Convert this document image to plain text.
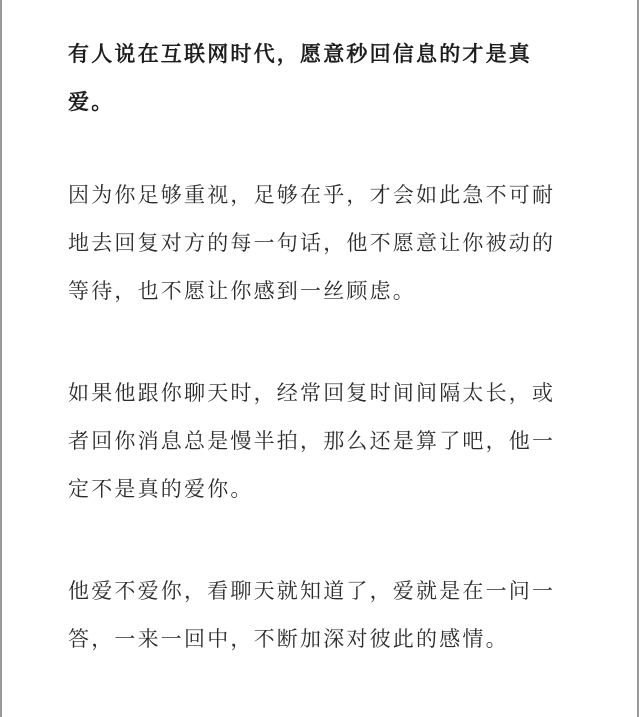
有人说在互联网时代，愿意秒回信息的才是真爱。

因为你足够重视，足够在乎，才会如此急不可耐地去回复对方的每一句话，他不愿意让你被动的等待，也不愿让你感到一丝顾虑。

如果他跟你聊天时，经常回复时间间隔太长，或者回你消息总是慢半拍，那么还是算了吧，他一定不是真的爱你。

他爱不爱你，看聊天就知道了，爱就是在一问一答，一来一回中，不断加深对彼此的感情。
